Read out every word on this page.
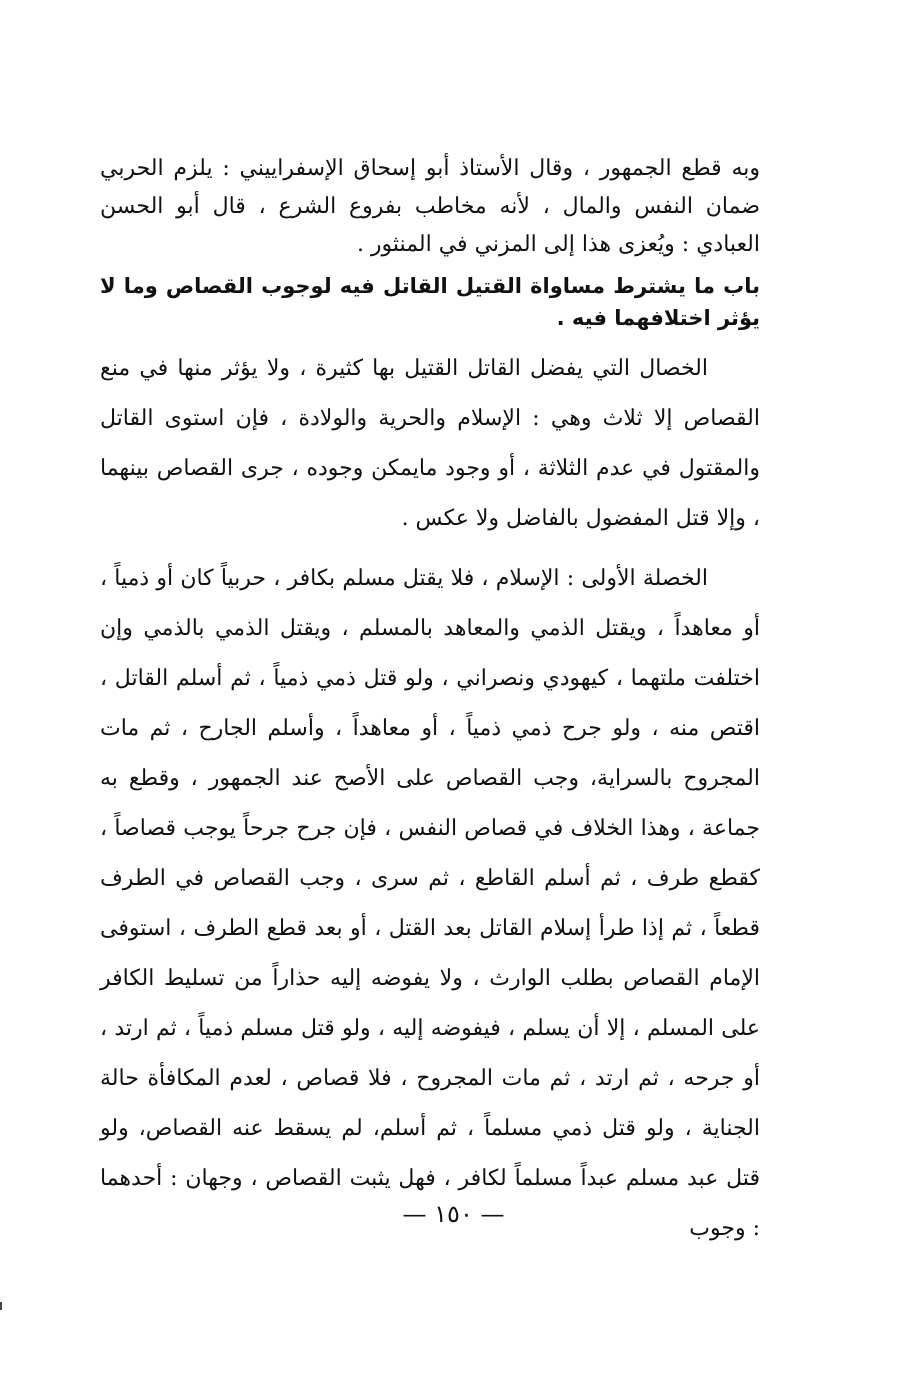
وبه قطع الجمهور ، وقال الأستاذ أبو إسحاق الإسفراييني : يلزم الحربي ضمان النفس والمال ، لأنه مخاطب بفروع الشرع ، قال أبو الحسن العبادي : ويُعزى هذا إلى المزني في المنثور .

باب ما يشترط مساواة القتيل القاتل فيه لوجوب القصاص وما لا يؤثر اختلافهما فيه .

الخصال التي يفضل القاتل القتيل بها كثيرة ، ولا يؤثر منها في منع القصاص إلا ثلاث وهي : الإسلام والحرية والولادة ، فإن استوى القاتل والمقتول في عدم الثلاثة ، أو وجود مايمكن وجوده ، جرى القصاص بينهما ، وإلا قتل المفضول بالفاضل ولا عكس .

الخصلة الأولى : الإسلام ، فلا يقتل مسلم بكافر ، حربياً كان أو ذمياً ، أو معاهداً ، ويقتل الذمي والمعاهد بالمسلم ، ويقتل الذمي بالذمي وإن اختلفت ملتهما ، كيهودي ونصراني ، ولو قتل ذمي ذمياً ، ثم أسلم القاتل ، اقتص منه ، ولو جرح ذمي ذمياً ، أو معاهداً ، وأسلم الجارح ، ثم مات المجروح بالسراية، وجب القصاص على الأصح عند الجمهور ، وقطع به جماعة ، وهذا الخلاف في قصاص النفس ، فإن جرح جرحاً يوجب قصاصاً ، كقطع طرف ، ثم أسلم القاطع ، ثم سرى ، وجب القصاص في الطرف قطعاً ، ثم إذا طرأ إسلام القاتل بعد القتل ، أو بعد قطع الطرف ، استوفى الإمام القصاص بطلب الوارث ، ولا يفوضه إليه حذاراً من تسليط الكافر على المسلم ، إلا أن يسلم ، فيفوضه إليه ، ولو قتل مسلم ذمياً ، ثم ارتد ، أو جرحه ، ثم ارتد ، ثم مات المجروح ، فلا قصاص ، لعدم المكافأة حالة الجناية ، ولو قتل ذمي مسلماً ، ثم أسلم، لم يسقط عنه القصاص، ولو قتل عبد مسلم عبداً مسلماً لكافر ، فهل يثبت القصاص ، وجهان : أحدهما : وجوب

— ١٥٠ —
